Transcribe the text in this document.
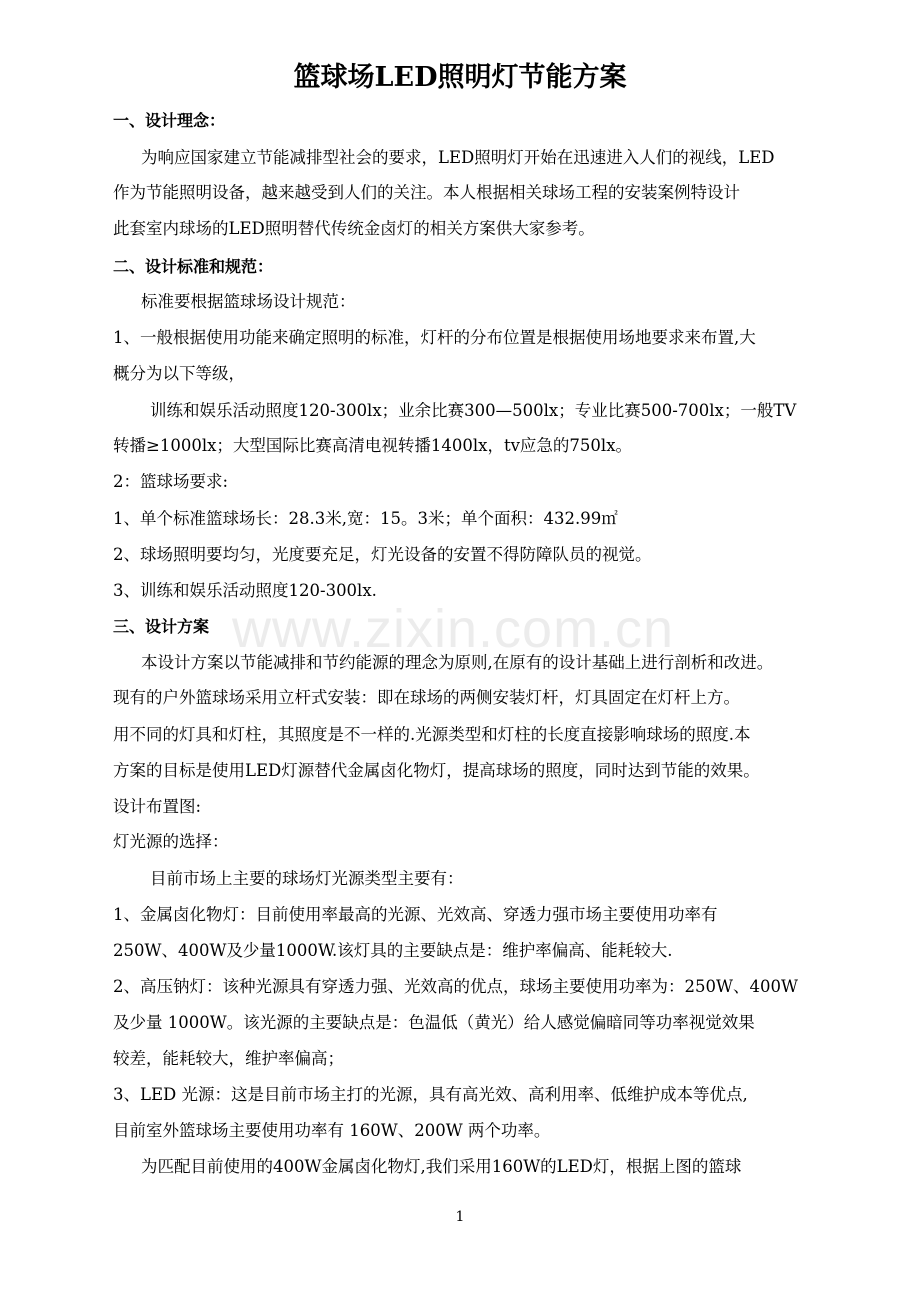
www.zixin.com.cn
篮球场LED照明灯节能方案
一、设计理念：
为响应国家建立节能减排型社会的要求，LED照明灯开始在迅速进入人们的视线，LED
作为节能照明设备，越来越受到人们的关注。本人根据相关球场工程的安装案例特设计
此套室内球场的LED照明替代传统金卤灯的相关方案供大家参考。
二、设计标准和规范：
标准要根据篮球场设计规范：
1、一般根据使用功能来确定照明的标准，灯杆的分布位置是根据使用场地要求来布置,大
概分为以下等级，
训练和娱乐活动照度120-300lx；业余比赛300—500lx；专业比赛500-700lx；一般TV
转播≥1000lx；大型国际比赛高清电视转播1400lx，tv应急的750lx。
2：篮球场要求:
1、单个标准篮球场长：28.3米,宽：15。3米；单个面积：432.99㎡
2、球场照明要均匀，光度要充足，灯光设备的安置不得防障队员的视觉。
3、训练和娱乐活动照度120-300lx.
三、设计方案
本设计方案以节能减排和节约能源的理念为原则,在原有的设计基础上进行剖析和改进。
现有的户外篮球场采用立杆式安装：即在球场的两侧安装灯杆，灯具固定在灯杆上方。
用不同的灯具和灯柱，其照度是不一样的.光源类型和灯柱的长度直接影响球场的照度.本
方案的目标是使用LED灯源替代金属卤化物灯，提高球场的照度，同时达到节能的效果。
设计布置图:
灯光源的选择：
目前市场上主要的球场灯光源类型主要有：
1、金属卤化物灯：目前使用率最高的光源、光效高、穿透力强市场主要使用功率有
250W、400W及少量1000W.该灯具的主要缺点是：维护率偏高、能耗较大.
2、高压钠灯：该种光源具有穿透力强、光效高的优点，球场主要使用功率为：250W、400W
及少量 1000W。该光源的主要缺点是：色温低（黄光）给人感觉偏暗同等功率视觉效果
较差，能耗较大，维护率偏高；
3、LED 光源：这是目前市场主打的光源，具有高光效、高利用率、低维护成本等优点,
目前室外篮球场主要使用功率有 160W、200W 两个功率。
为匹配目前使用的400W金属卤化物灯,我们采用160W的LED灯，根据上图的篮球
1
